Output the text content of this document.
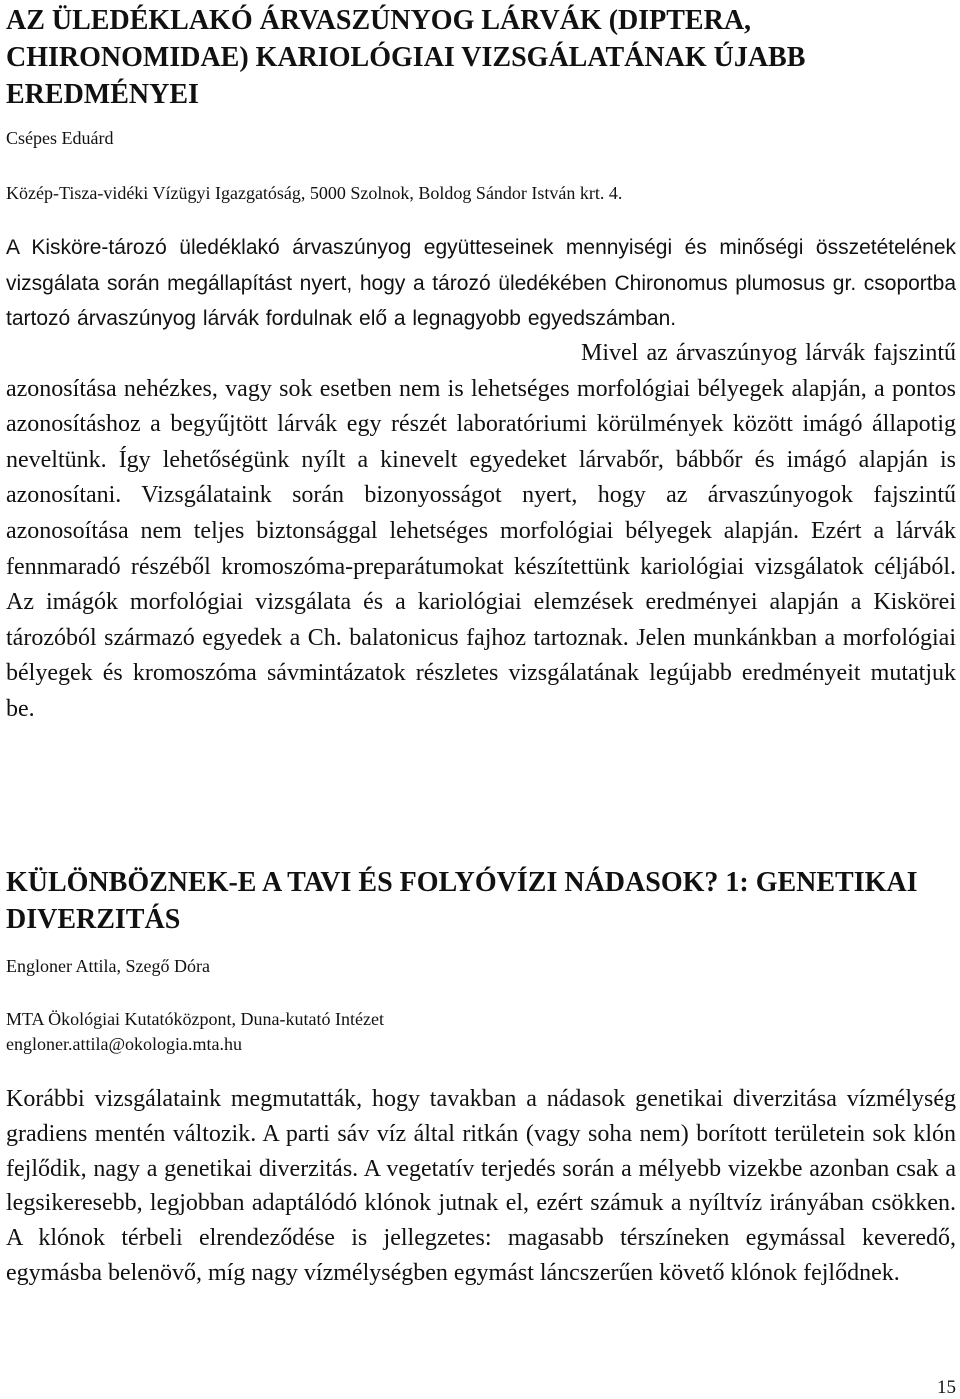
AZ ÜLEDÉKLAKÓ ÁRVASZÚNYOG LÁRVÁK (DIPTERA, CHIRONOMIDAE) KARIOLÓGIAI VIZSGÁLATÁNAK ÚJABB EREDMÉNYEI

Csépes Eduárd

Közép-Tisza-vidéki Vízügyi Igazgatóság, 5000 Szolnok, Boldog Sándor István krt. 4.

A Kisköre-tározó üledéklakó árvaszúnyog együtteseinek mennyiségi és minőségi összetételének vizsgálata során megállapítást nyert, hogy a tározó üledékében Chironomus plumosus gr. csoportba tartozó árvaszúnyog lárvák fordulnak elő a legnagyobb egyedszámban.

Mivel az árvaszúnyog lárvák fajszintű azonosítása nehézkes, vagy sok esetben nem is lehetséges morfológiai bélyegek alapján, a pontos azonosításhoz a begyűjtött lárvák egy részét laboratóriumi körülmények között imágó állapotig neveltünk. Így lehetőségünk nyílt a kinevelt egyedeket lárvabőr, bábbőr és imágó alapján is azonosítani. Vizsgálataink során bizonyosságot nyert, hogy az árvaszúnyogok fajszintű azonosoítása nem teljes biztonsággal lehetséges morfológiai bélyegek alapján. Ezért a lárvák fennmaradó részéből kromoszóma-preparátumokat készítettünk kariológiai vizsgálatok céljából. Az imágók morfológiai vizsgálata és a kariológiai elemzések eredményei alapján a Kiskörei tározóból származó egyedek a Ch. balatonicus fajhoz tartoznak. Jelen munkánkban a morfológiai bélyegek és kromoszóma sávmintázatok részletes vizsgálatának legújabb eredményeit mutatjuk be.

KÜLÖNBÖZNEK-E A TAVI ÉS FOLYÓVÍZI NÁDASOK? 1: GENETIKAI DIVERZITÁS

Engloner Attila, Szegő Dóra

MTA Ökológiai Kutatóközpont, Duna-kutató Intézet

engloner.attila@okologia.mta.hu

Korábbi vizsgálataink megmutatták, hogy tavakban a nádasok genetikai diverzitása vízmélység gradiens mentén változik. A parti sáv víz által ritkán (vagy soha nem) borított területein sok klón fejlődik, nagy a genetikai diverzitás. A vegetatív terjedés során a mélyebb vizekbe azonban csak a legsikeresebb, legjobban adaptálódó klónok jutnak el, ezért számuk a nyíltvíz irányában csökken. A klónok térbeli elrendeződése is jellegzetes: magasabb térszíneken egymással keveredő, egymásba belenövő, míg nagy vízmélységben egymást láncszerűen követő klónok fejlődnek.

15
